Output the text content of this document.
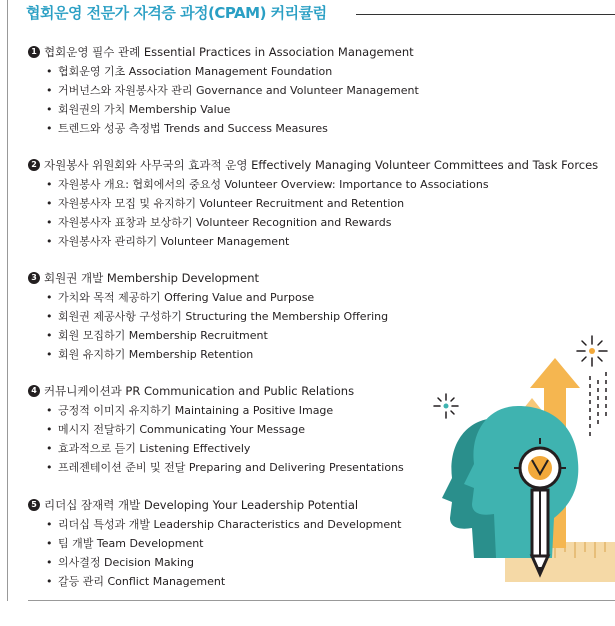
협회운영 전문가 자격증 과정(CPAM) 커리큘럼
1 협회운영 필수 관례 Essential Practices in Association Management
• 협회운영 기초 Association Management Foundation
• 거버넌스와 자원봉사자 관리 Governance and Volunteer Management
• 회원권의 가치 Membership Value
• 트렌드와 성공 측정법 Trends and Success Measures
2 자원봉사 위원회와 사무국의 효과적 운영 Effectively Managing Volunteer Committees and Task Forces
• 자원봉사 개요: 협회에서의 중요성 Volunteer Overview: Importance to Associations
• 자원봉사자 모집 및 유지하기 Volunteer Recruitment and Retention
• 자원봉사자 표창과 보상하기 Volunteer Recognition and Rewards
• 자원봉사자 관리하기 Volunteer Management
3 회원권 개발 Membership Development
• 가치와 목적 제공하기 Offering Value and Purpose
• 회원권 제공사항 구성하기 Structuring the Membership Offering
• 회원 모집하기 Membership Recruitment
• 회원 유지하기 Membership Retention
4 커뮤니케이션과 PR Communication and Public Relations
• 긍정적 이미지 유지하기 Maintaining a Positive Image
• 메시지 전달하기 Communicating Your Message
• 효과적으로 듣기 Listening Effectively
• 프레젠테이션 준비 및 전달 Preparing and Delivering Presentations
5 리더십 잠재력 개발 Developing Your Leadership Potential
• 리더십 특성과 개발 Leadership Characteristics and Development
• 팀 개발 Team Development
• 의사결정 Decision Making
• 갈등 관리 Conflict Management
